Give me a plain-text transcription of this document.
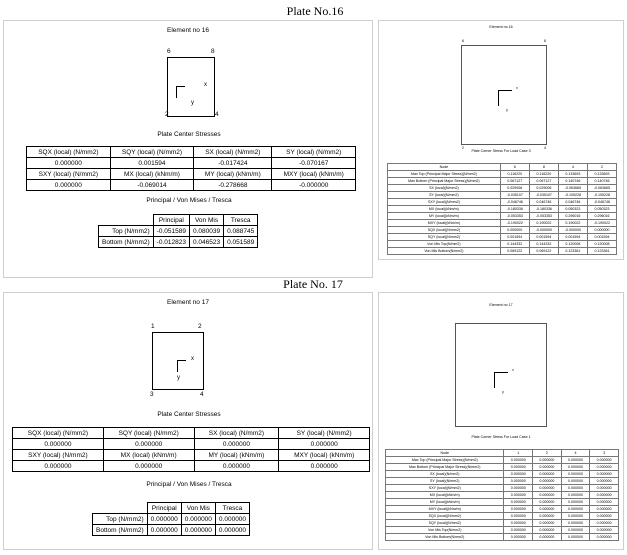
Plate No.16
Element no 16
x
y
6	8
2	4
Plate Center Stresses
SQX (local) (N/mm2)	SQY (local) (N/mm2)	SX (local) (N/mm2)	SY (local) (N/mm2)
0.000000	0.001594	-0.017424	-0.070167
SXY (local) (N/mm2)	MX (local) (kNm/m)	MY (local) (kNm/m)	MXY (local) (kNm/m)
0.000000	-0.069014	-0.278668	-0.000000
Principal / Von Mises / Tresca
	Principal	Von Mis	Tresca
Top (N/mm2)	-0.051589	0.080039	0.088745
Bottom (N/mm2)	-0.012823	0.046523	0.051589
Element no 16
x
y
6	8
2	4
Plate Corner Stress For Load Case 3
Node	6	8	4	2
Max Top (Principal Major Stress)(N/mm2)	0.116220	0.116220	0.133693	0.133693
Max Bottom (Principal Major Stress)(N/mm2)	0.067127	0.067127	0.140746	0.140746
SX (local)(N/mm2)	0.029006	0.029006	-0.063665	-0.063665
SY (local)(N/mm2)	-0.035107	-0.035107	-0.105228	-0.105228
SXY (local)(N/mm2)	-0.046746	0.046746	0.046746	-0.046746
MX (local)(kNm/m)	-0.180336	-0.180336	0.050323	0.050323
MY (local)(kNm/m)	-0.053353	-0.053353	0.296016	0.296016
MXY (local)(kNm/m)	-0.190022	0.190022	0.190022	-0.190022
SQX (local)(N/mm2)	0.000000	-0.000000	-0.000000	0.000000
SQY (local)(N/mm2)	0.001594	0.001594	0.001594	0.001594
Von Mis Top(N/mm2)	0.144332	0.144332	0.120008	0.120008
Von Mis Bottom(N/mm2)	0.069122	0.069122	0.123361	0.123361
Plate No. 17
Element no 17
x
y
1	2
3	4
Plate Center Stresses
SQX (local) (N/mm2)	SQY (local) (N/mm2)	SX (local) (N/mm2)	SY (local) (N/mm2)
0.000000	0.000000	0.000000	0.000000
SXY (local) (N/mm2)	MX (local) (kNm/m)	MY (local) (kNm/m)	MXY (local) (kNm/m)
0.000000	0.000000	0.000000	0.000000
Principal / Von Mises / Tresca
	Principal	Von Mis	Tresca
Top (N/mm2)	0.000000	0.000000	0.000000
Bottom (N/mm2)	0.000000	0.000000	0.000000
Element no 17
x
y
Plate Corner Stress For Load Case 1
Node	1	2	4	3
Max Top (Principal Major Stress)(N/mm2)	0.000000	0.000000	0.000000	0.000000
Max Bottom (Principal Major Stress)(N/mm2)	0.000000	0.000000	0.000000	0.000000
SX (local)(N/mm2)	0.000000	0.000000	0.000000	0.000000
SY (local)(N/mm2)	0.000000	0.000000	0.000000	0.000000
SXY (local)(N/mm2)	0.000000	0.000000	0.000000	0.000000
MX (local)(kNm/m)	0.000000	0.000000	0.000000	0.000000
MY (local)(kNm/m)	0.000000	0.000000	0.000000	0.000000
MXY (local)(kNm/m)	0.000000	0.000000	0.000000	0.000000
SQX (local)(N/mm2)	0.000000	0.000000	0.000000	0.000000
SQY (local)(N/mm2)	0.000000	0.000000	0.000000	0.000000
Von Mis Top(N/mm2)	0.000000	0.000000	0.000000	0.000000
Von Mis Bottom(N/mm2)	0.000000	0.000000	0.000000	0.000000
